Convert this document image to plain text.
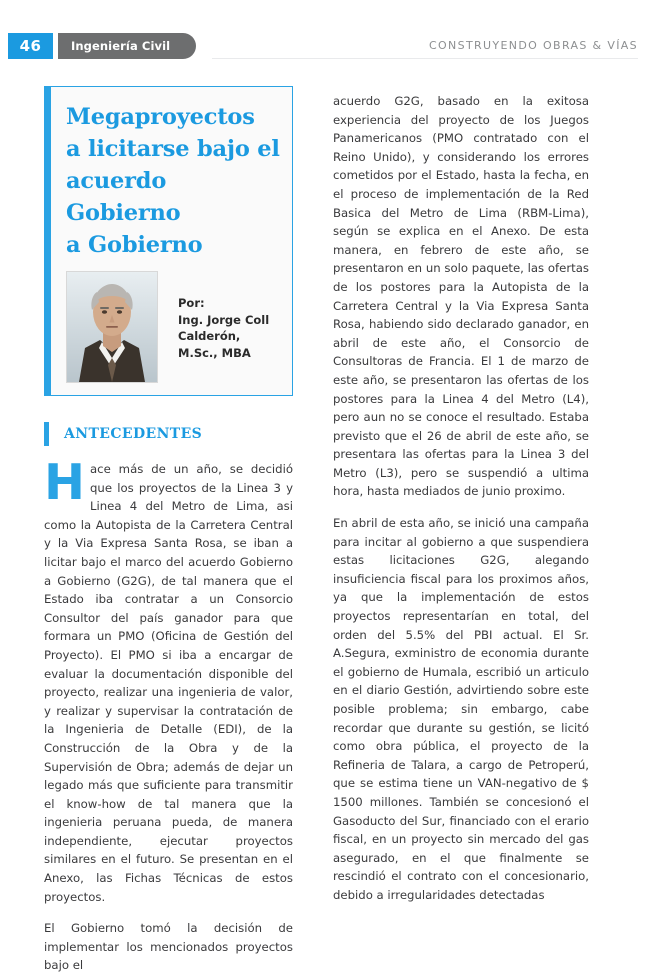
46	Ingeniería Civil	CONSTRUYENDO OBRAS & VÍAS
Megaproyectos
a licitarse bajo el
acuerdo Gobierno
a Gobierno
Por:
Ing. Jorge Coll
Calderón,
M.Sc., MBA
ANTECEDENTES

Hace más de un año, se decidió que los proyectos de la Linea 3 y Linea 4 del Metro de Lima, asi como la Autopista de la Carretera Central y la Via Expresa Santa Rosa, se iban a licitar bajo el marco del acuerdo Gobierno a Gobierno (G2G), de tal manera que el Estado iba contratar a un Consorcio Consultor del país ganador para que formara un PMO (Oficina de Gestión del Proyecto). El PMO si iba a encargar de evaluar la documentación disponible del proyecto, realizar una ingenieria de valor, y realizar y supervisar la contratación de la Ingenieria de Detalle (EDI), de la Construcción de la Obra y de la Supervisión de Obra; además de dejar un legado más que suficiente para transmitir el know-how de tal manera que la ingenieria peruana pueda, de manera independiente, ejecutar proyectos similares en el futuro. Se presentan en el Anexo, las Fichas Técnicas de estos proyectos.

El Gobierno tomó la decisión de implementar los mencionados proyectos bajo el

acuerdo G2G, basado en la exitosa experiencia del proyecto de los Juegos Panamericanos (PMO contratado con el Reino Unido), y considerando los errores cometidos por el Estado, hasta la fecha, en el proceso de implementación de la Red Basica del Metro de Lima (RBM-Lima), según se explica en el Anexo. De esta manera, en febrero de este año, se presentaron en un solo paquete, las ofertas de los postores para la Autopista de la Carretera Central y la Via Expresa Santa Rosa, habiendo sido declarado ganador, en abril de este año, el Consorcio de Consultoras de Francia. El 1 de marzo de este año, se presentaron las ofertas de los postores para la Linea 4 del Metro (L4), pero aun no se conoce el resultado. Estaba previsto que el 26 de abril de este año, se presentara las ofertas para la Linea 3 del Metro (L3), pero se suspendió a ultima hora, hasta mediados de junio proximo.

En abril de esta año, se inició una campaña para incitar al gobierno a que suspendiera estas licitaciones G2G, alegando insuficiencia fiscal para los proximos años, ya que la implementación de estos proyectos representarían en total, del orden del 5.5% del PBI actual. El Sr. A.Segura, exministro de economia durante el gobierno de Humala, escribió un articulo en el diario Gestión, advirtiendo sobre este posible problema; sin embargo, cabe recordar que durante su gestión, se licitó como obra pública, el proyecto de la Refineria de Talara, a cargo de Petroperú, que se estima tiene un VAN-negativo de $ 1500 millones. También se concesionó el Gasoducto del Sur, financiado con el erario fiscal, en un proyecto sin mercado del gas asegurado, en el que finalmente se rescindió el contrato con el concesionario, debido a irregularidades detectadas
